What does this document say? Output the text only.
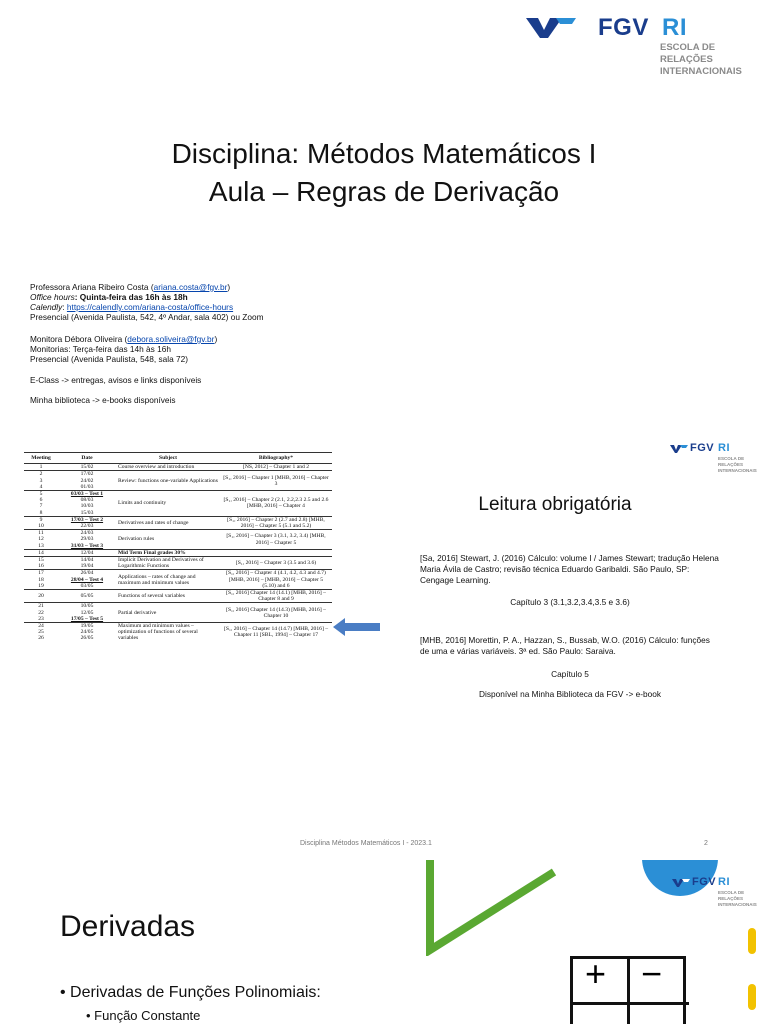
FGV RI
ESCOLA DE
RELAÇÕES
INTERNACIONAIS
Disciplina: Métodos Matemáticos I
Aula – Regras de Derivação
Professora Ariana Ribeiro Costa (ariana.costa@fgv.br)
Office hours: Quinta-feira das 16h às 18h
Calendly: https://calendly.com/ariana-costa/office-hours
Presencial (Avenida Paulista, 542, 4º Andar, sala 402) ou Zoom
Monitora Débora Oliveira (debora.soliveira@fgv.br)
Monitorias: Terça-feira das 14h às 16h
Presencial (Avenida Paulista, 548, sala 72)
E-Class -> entregas, avisos e links disponíveis
Minha biblioteca -> e-books disponíveis
Meeting	Date	Subject	Bibliography*
1	15/02	Course overview and introduction	[NS, 2012] – Chapter 1 and 2
2	17/02	Review: functions one-variable Applications	[S₁, 2016] – Chapter 1 [MHB, 2016] – Chapter 3
3	24/02		
4	01/03		
5	03/03 – Test 1	Limits and continuity	[S₁, 2016] – Chapter 2 (2.1, 2.2,2.3 2.5 and 2.6 [MHB, 2016] – Chapter 4
6	08/03		
7	10/03		
8	15/03		
9	17/03 – Test 2	Derivatives and rates of change	[S₁, 2016] – Chapter 2 (2.7 and 2.8) [MHB, 2016] – Chapter 5 (5.1 and 5.2)
10	22/03		
11	24/03	Derivation rules	[S₁, 2016] – Chapter 3 (3.1, 3.2, 3.4) [MHB, 2016] – Chapter 5
12	29/03		
13	31/03 – Test 3		
14	12/04	Mid Term Final grades 30%	
15	14/04	Implicit Derivation and Derivatives of Logarithmic Functions	[S₁, 2016] – Chapter 3 (3.5 and 3.6)
16	19/04		
17	26/04	Applications – rates of change and maximum and minimum values	[S₁, 2016] – Chapter 4 (4.1, 4.2, 4.3 and 4.7) [MHB, 2016] – [MHB, 2016] – Chapter 5 (5.10) and 6
18	28/04 – Test 4		
19	03/05		
20	05/05	Functions of several variables	[S₁, 2016] Chapter 14 (14.1) [MHB, 2016] – Chapter 8 and 9
21	10/05	Partial derivative	[S₁, 2016] Chapter 14 (14.3) [MHB, 2016] – Chapter 10
22	12/05		
23	17/05 – Test 5		
24	19/05	Maximum and minimum values – optimization of functions of several variables	[S₁, 2016] – Chapter 14 (14.7) [MHB, 2016] – Chapter 11 [SBL, 1994] – Chapter 17
25	24/05		
26	26/05		
FGV RI
ESCOLA DE
RELAÇÕES
INTERNACIONAIS
Leitura obrigatória
[Sa, 2016] Stewart, J. (2016) Cálculo: volume I / James Stewart; tradução Helena Maria Ávila de Castro; revisão técnica Eduardo Garibaldi. São Paulo, SP: Cengage Learning.
Capítulo 3 (3.1,3.2,3.4,3.5 e 3.6)
[MHB, 2016] Morettin, P. A., Hazzan, S., Bussab, W.O. (2016) Cálculo: funções de uma e várias variáveis. 3ª ed. São Paulo: Saraiva.
Capítulo 5
Disponível na Minha Biblioteca da FGV -> e-book
Disciplina Métodos Matemáticos I - 2023.1	2
FGV RI
ESCOLA DE
RELAÇÕES
INTERNACIONAIS
Derivadas
• Derivadas de Funções Polinomiais:
• Função Constante
+ −
